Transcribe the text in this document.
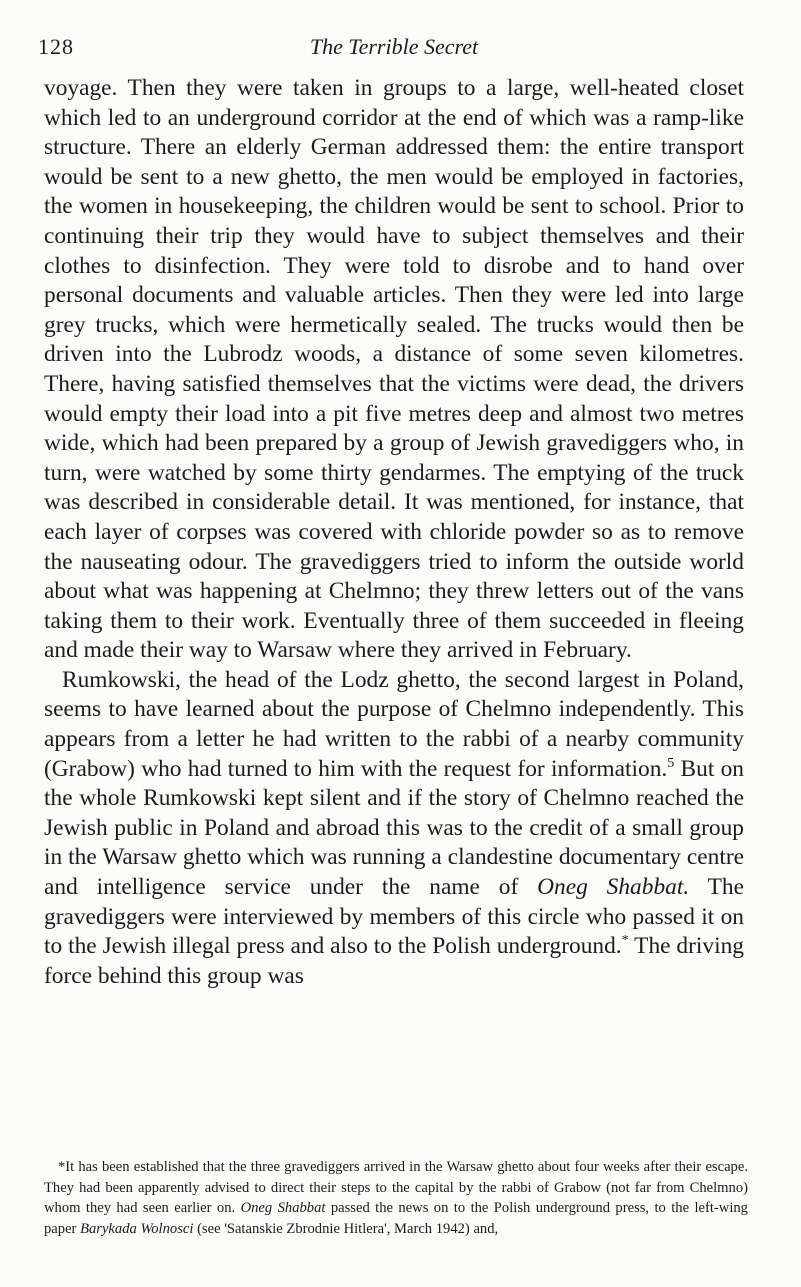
128	The Terrible Secret

voyage. Then they were taken in groups to a large, well-heated closet which led to an underground corridor at the end of which was a ramp-like structure. There an elderly German addressed them: the entire transport would be sent to a new ghetto, the men would be employed in factories, the women in housekeeping, the children would be sent to school. Prior to continuing their trip they would have to subject themselves and their clothes to disinfection. They were told to disrobe and to hand over personal documents and valuable articles. Then they were led into large grey trucks, which were hermetically sealed. The trucks would then be driven into the Lubrodz woods, a distance of some seven kilometres. There, having satisfied themselves that the victims were dead, the drivers would empty their load into a pit five metres deep and almost two metres wide, which had been prepared by a group of Jewish gravediggers who, in turn, were watched by some thirty gendarmes. The emptying of the truck was described in considerable detail. It was mentioned, for instance, that each layer of corpses was covered with chloride powder so as to remove the nauseating odour. The gravediggers tried to inform the outside world about what was happening at Chelmno; they threw letters out of the vans taking them to their work. Eventually three of them succeeded in fleeing and made their way to Warsaw where they arrived in February.

Rumkowski, the head of the Lodz ghetto, the second largest in Poland, seems to have learned about the purpose of Chelmno independently. This appears from a letter he had written to the rabbi of a nearby community (Grabow) who had turned to him with the request for information.$^5$ But on the whole Rumkowski kept silent and if the story of Chelmno reached the Jewish public in Poland and abroad this was to the credit of a small group in the Warsaw ghetto which was running a clandestine documentary centre and intelligence service under the name of Oneg Shabbat. The gravediggers were interviewed by members of this circle who passed it on to the Jewish illegal press and also to the Polish underground.* The driving force behind this group was

*It has been established that the three gravediggers arrived in the Warsaw ghetto about four weeks after their escape. They had been apparently advised to direct their steps to the capital by the rabbi of Grabow (not far from Chelmno) whom they had seen earlier on. Oneg Shabbat passed the news on to the Polish underground press, to the left-wing paper Barykada Wolnosci (see 'Satanskie Zbrodnie Hitlera', March 1942) and,
